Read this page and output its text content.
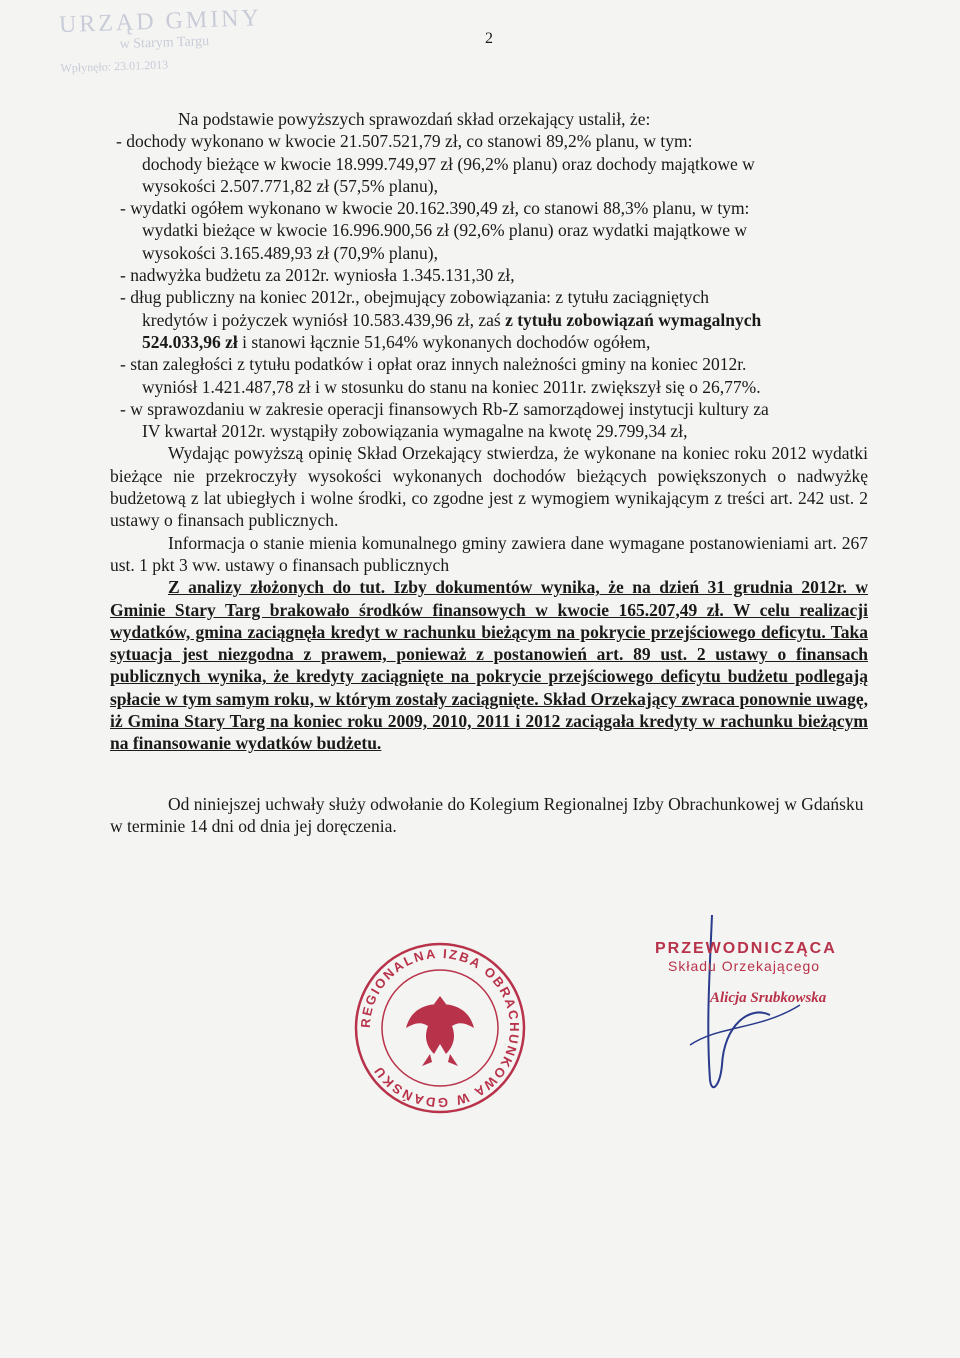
URZĄD GMINY
w Starym Targu
Wpłynęło: 23.01.2013
2

Na podstawie powyższych sprawozdań skład orzekający ustalił, że:

- dochody wykonano w kwocie 21.507.521,79 zł, co stanowi 89,2% planu, w tym:

dochody bieżące w kwocie 18.999.749,97 zł (96,2% planu) oraz dochody majątkowe w

wysokości 2.507.771,82 zł (57,5% planu),

- wydatki ogółem wykonano w kwocie 20.162.390,49 zł, co stanowi 88,3% planu, w tym:

wydatki bieżące w kwocie 16.996.900,56 zł (92,6% planu) oraz wydatki majątkowe w

wysokości 3.165.489,93 zł (70,9% planu),

- nadwyżka budżetu za 2012r. wyniosła 1.345.131,30 zł,

- dług publiczny na koniec 2012r., obejmujący zobowiązania: z tytułu zaciągniętych

kredytów i pożyczek wyniósł 10.583.439,96 zł, zaś z tytułu zobowiązań wymagalnych

524.033,96 zł i stanowi łącznie 51,64% wykonanych dochodów ogółem,

- stan zaległości z tytułu podatków i opłat oraz innych należności gminy na koniec 2012r.

wyniósł 1.421.487,78 zł i w stosunku do stanu na koniec 2011r. zwiększył się o 26,77%.

- w sprawozdaniu w zakresie operacji finansowych Rb-Z samorządowej instytucji kultury za

IV kwartał 2012r. wystąpiły zobowiązania wymagalne na kwotę 29.799,34 zł,

Wydając powyższą opinię Skład Orzekający stwierdza, że wykonane na koniec roku 2012 wydatki bieżące nie przekroczyły wysokości wykonanych dochodów bieżących powiększonych o nadwyżkę budżetową z lat ubiegłych i wolne środki, co zgodne jest z wymogiem wynikającym z treści art. 242 ust. 2 ustawy o finansach publicznych.

Informacja o stanie mienia komunalnego gminy zawiera dane wymagane postanowieniami art. 267 ust. 1 pkt 3 ww. ustawy o finansach publicznych

Z analizy złożonych do tut. Izby dokumentów wynika, że na dzień 31 grudnia 2012r. w Gminie Stary Targ brakowało środków finansowych w kwocie 165.207,49 zł. W celu realizacji wydatków, gmina zaciągnęła kredyt w rachunku bieżącym na pokrycie przejściowego deficytu. Taka sytuacja jest niezgodna z prawem, ponieważ z postanowień art. 89 ust. 2 ustawy o finansach publicznych wynika, że kredyty zaciągnięte na pokrycie przejściowego deficytu budżetu podlegają spłacie w tym samym roku, w którym zostały zaciągnięte. Skład Orzekający zwraca ponownie uwagę, iż Gmina Stary Targ na koniec roku 2009, 2010, 2011 i 2012 zaciągała kredyty w rachunku bieżącym na finansowanie wydatków budżetu.

Od niniejszej uchwały służy odwołanie do Kolegium Regionalnej Izby Obrachunkowej w Gdańsku w terminie 14 dni od dnia jej doręczenia.

REGIONALNA IZBA OBRACHUNKOWA W GDAŃSKU
PRZEWODNICZĄCA
Składu Orzekającego
Alicja Srubkowska
